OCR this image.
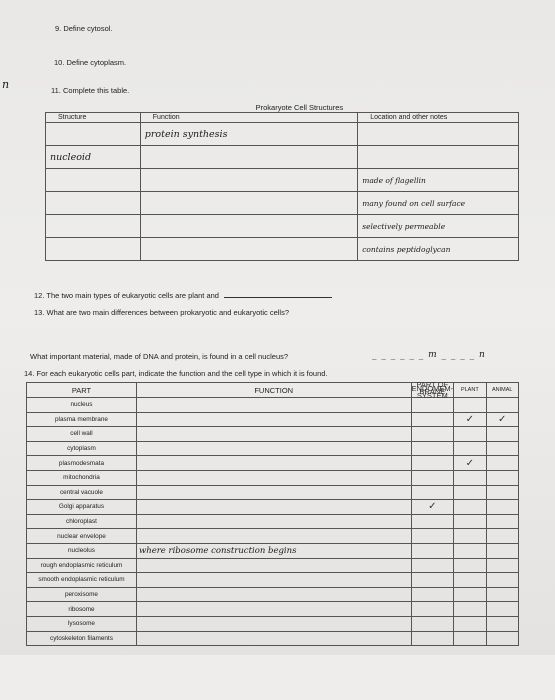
n
9. Define cytosol.
10. Define cytoplasm.
11. Complete this table.
	Prokaryote Cell Structures	
Structure	Function	Location and other notes
	protein synthesis	
nucleoid		
		made of flagellin
		many found on cell surface
		selectively permeable
		contains peptidoglycan
12. The two main types of eukaryotic cells are plant and
13. What are two main differences between prokaryotic and eukaryotic cells?
What important material, made of DNA and protein, is found in a cell nucleus?	_ _ _ _ _ _ m _ _ _ _ n
14. For each eukaryotic cells part, indicate the function and the cell type in which it is found.
PART	FUNCTION	PART OF ENDOMEM-BRANE SYSTEM	PLANT	ANIMAL
nucleus				
plasma membrane			✓	✓
cell wall				
cytoplasm				
plasmodesmata			✓	
mitochondria				
central vacuole				
Golgi apparatus		✓		
chloroplast				
nuclear envelope				
nucleolus	where ribosome construction begins			
rough endoplasmic reticulum				
smooth endoplasmic reticulum				
peroxisome				
ribosome				
lysosome				
cytoskeleton filaments				
